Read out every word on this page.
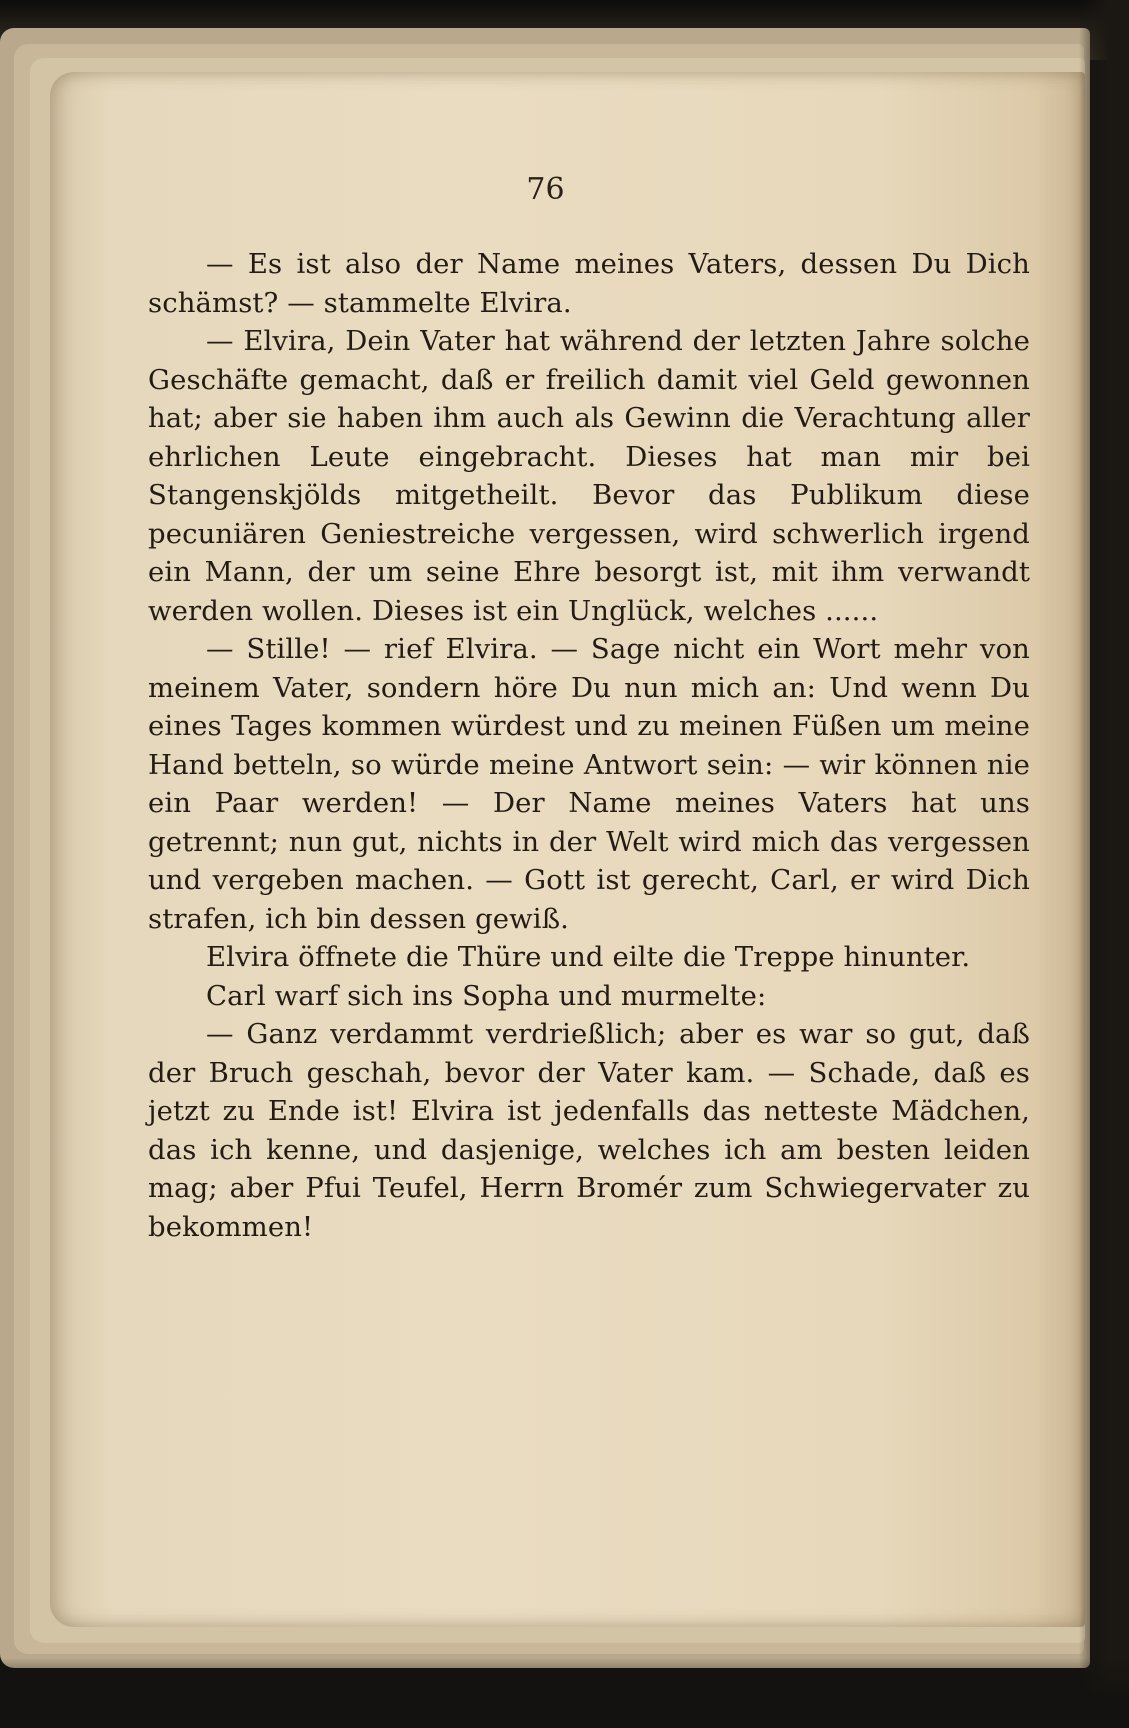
76

— Es ist also der Name meines Vaters, dessen Du Dich schämst? — stammelte Elvira.

— Elvira, Dein Vater hat während der letzten Jahre solche Geschäfte gemacht, daß er freilich damit viel Geld gewonnen hat; aber sie haben ihm auch als Gewinn die Verachtung aller ehrlichen Leute eingebracht. Dieses hat man mir bei Stangenskjölds mitgetheilt. Bevor das Publikum diese pecuniären Geniestreiche vergessen, wird schwerlich irgend ein Mann, der um seine Ehre besorgt ist, mit ihm verwandt werden wollen. Dieses ist ein Unglück, welches ......

— Stille! — rief Elvira. — Sage nicht ein Wort mehr von meinem Vater, sondern höre Du nun mich an: Und wenn Du eines Tages kommen würdest und zu meinen Füßen um meine Hand betteln, so würde meine Antwort sein: — wir können nie ein Paar werden! — Der Name meines Vaters hat uns getrennt; nun gut, nichts in der Welt wird mich das vergessen und vergeben machen. — Gott ist gerecht, Carl, er wird Dich strafen, ich bin dessen gewiß.

Elvira öffnete die Thüre und eilte die Treppe hinunter.

Carl warf sich ins Sopha und murmelte:

— Ganz verdammt verdrießlich; aber es war so gut, daß der Bruch geschah, bevor der Vater kam. — Schade, daß es jetzt zu Ende ist! Elvira ist jedenfalls das netteste Mädchen, das ich kenne, und dasjenige, welches ich am besten leiden mag; aber Pfui Teufel, Herrn Bromér zum Schwiegervater zu bekommen!
